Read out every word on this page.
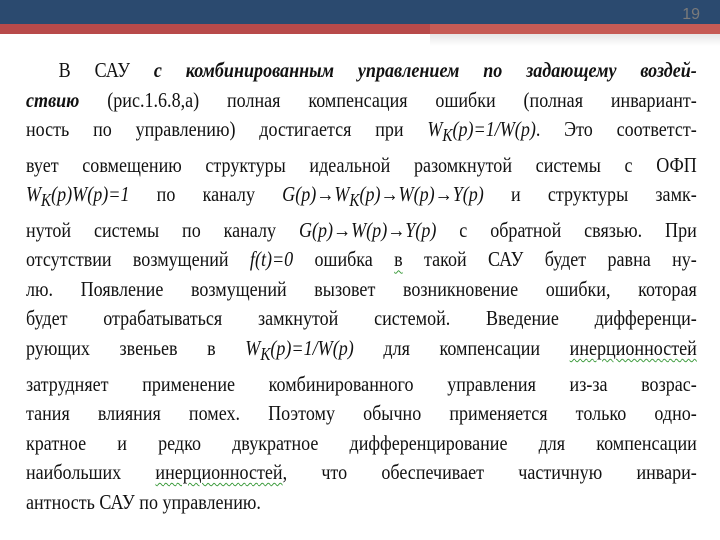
19
В САУ с комбинированным управлением по задающему воздей-
ствию (рис.1.6.8,а) полная компенсация ошибки (полная инвариант-
ность по управлению) достигается при $W_K(p)=1/W(p)$. Это соответст-
вует совмещению структуры идеальной разомкнутой системы с ОФП
$W_K(p)W(p)=1$ по каналу $G(p)\to W_K(p)\to W(p)\to Y(p)$ и структуры замк-
нутой системы по каналу G(p)→W(p)→Y(p) с обратной связью. При
отсутствии возмущений f(t)=0 ошибка в такой САУ будет равна ну-
лю. Появление возмущений вызовет возникновение ошибки, которая
будет отрабатываться замкнутой системой. Введение дифференци-
рующих звеньев в $W_K(p)=1/W(p)$ для компенсации инерционностей
затрудняет применение комбинированного управления из-за возрас-
тания влияния помех. Поэтому обычно применяется только одно-
кратное и редко двукратное дифференцирование для компенсации
наибольших инерционностей, что обеспечивает частичную инвари-
антность САУ по управлению.
